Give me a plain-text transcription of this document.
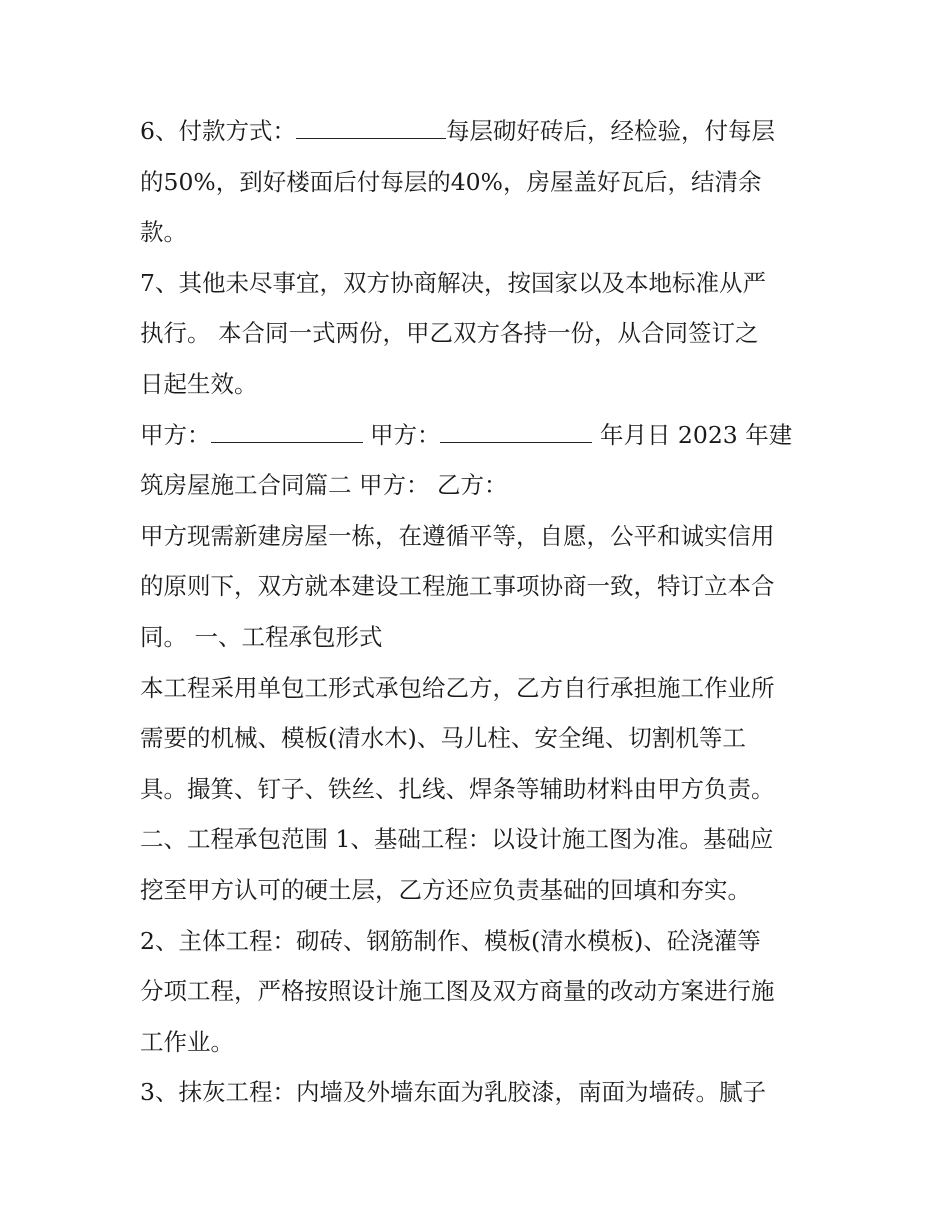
6、付款方式：	每层砌好砖后，经检验，付每层
的50%，到好楼面后付每层的40%，房屋盖好瓦后，结清余
款。
7、其他未尽事宜，双方协商解决，按国家以及本地标准从严
执行。 本合同一式两份，甲乙双方各持一份，从合同签订之
日起生效。
甲方：	甲方：	年月日 2023 年建
筑房屋施工合同篇二 甲方： 乙方：
甲方现需新建房屋一栋，在遵循平等，自愿，公平和诚实信用
的原则下，双方就本建设工程施工事项协商一致，特订立本合
同。 一、工程承包形式
本工程采用单包工形式承包给乙方，乙方自行承担施工作业所
需要的机械、模板(清水木)、马儿柱、安全绳、切割机等工
具。撮箕、钉子、铁丝、扎线、焊条等辅助材料由甲方负责。
二、工程承包范围 1、基础工程：以设计施工图为准。基础应
挖至甲方认可的硬土层，乙方还应负责基础的回填和夯实。
2、主体工程：砌砖、钢筋制作、模板(清水模板)、砼浇灌等
分项工程，严格按照设计施工图及双方商量的改动方案进行施
工作业。
3、抹灰工程：内墙及外墙东面为乳胶漆，南面为墙砖。腻子
